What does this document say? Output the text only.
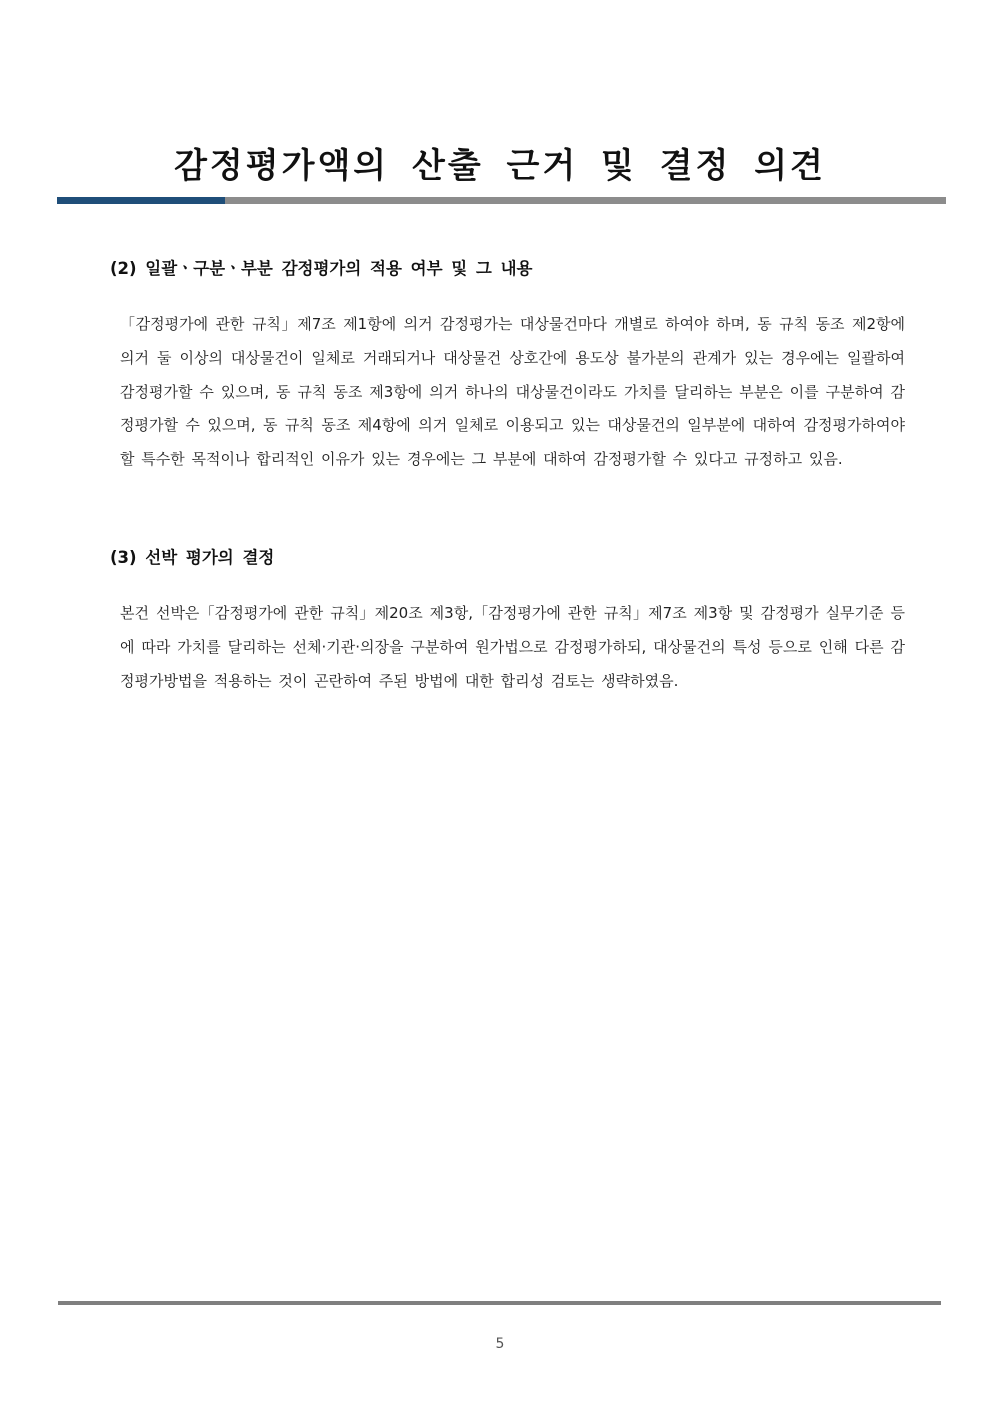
감정평가액의 산출 근거 및 결정 의견
(2) 일괄ㆍ구분ㆍ부분 감정평가의 적용 여부 및 그 내용

「감정평가에 관한 규칙」제7조 제1항에 의거 감정평가는 대상물건마다 개별로 하여야 하며, 동 규칙 동조 제2항에 의거 둘 이상의 대상물건이 일체로 거래되거나 대상물건 상호간에 용도상 불가분의 관계가 있는 경우에는 일괄하여 감정평가할 수 있으며, 동 규칙 동조 제3항에 의거 하나의 대상물건이라도 가치를 달리하는 부분은 이를 구분하여 감정평가할 수 있으며, 동 규칙 동조 제4항에 의거 일체로 이용되고 있는 대상물건의 일부분에 대하여 감정평가하여야 할 특수한 목적이나 합리적인 이유가 있는 경우에는 그 부분에 대하여 감정평가할 수 있다고 규정하고 있음.

(3) 선박 평가의 결정

본건 선박은「감정평가에 관한 규칙」제20조 제3항,「감정평가에 관한 규칙」제7조 제3항 및 감정평가 실무기준 등에 따라 가치를 달리하는 선체·기관·의장을 구분하여 원가법으로 감정평가하되, 대상물건의 특성 등으로 인해 다른 감정평가방법을 적용하는 것이 곤란하여 주된 방법에 대한 합리성 검토는 생략하였음.

5
